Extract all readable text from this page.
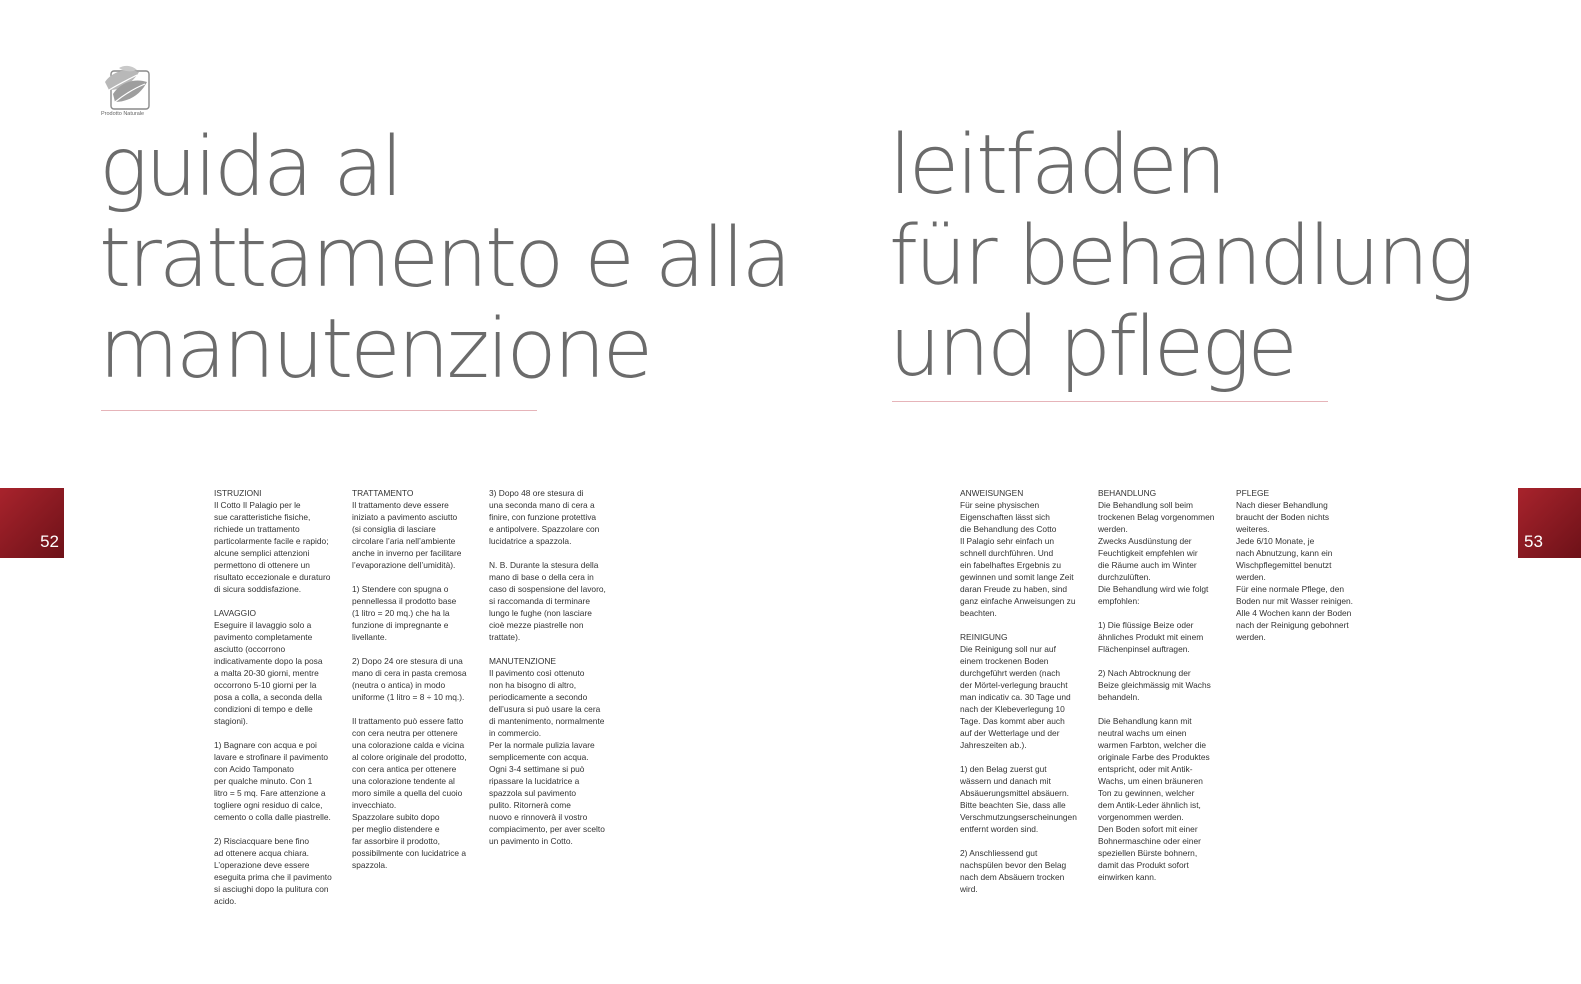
Prodotto Naturale
guida al
trattamento e alla
manutenzione
leitfaden
für behandlung
und pflege
52	53

ISTRUZIONI

Il Cotto Il Palagio per le
sue caratteristiche fisiche,
richiede un trattamento
particolarmente facile e rapido;
alcune semplici attenzioni
permettono di ottenere un
risultato eccezionale e duraturo
di sicura soddisfazione.

LAVAGGIO
Eseguire il lavaggio solo a
pavimento completamente
asciutto (occorrono
indicativamente dopo la posa
a malta 20-30 giorni, mentre
occorrono 5-10 giorni per la
posa a colla, a seconda della
condizioni di tempo e delle
stagioni).

1) Bagnare con acqua e poi
lavare e strofinare il pavimento
con Acido Tamponato
per qualche minuto. Con 1
litro = 5 mq. Fare attenzione a
togliere ogni residuo di calce,
cemento o colla dalle piastrelle.

2) Risciacquare bene fino
ad ottenere acqua chiara.
L’operazione deve essere
eseguita prima che il pavimento
si asciughi dopo la pulitura con
acido.

TRATTAMENTO

Il trattamento deve essere
iniziato a pavimento asciutto
(si consiglia di lasciare
circolare l’aria nell’ambiente
anche in inverno per facilitare
l’evaporazione dell’umidità).

1) Stendere con spugna o
pennellessa il prodotto base
(1 litro = 20 mq.) che ha la
funzione di impregnante e
livellante.

2) Dopo 24 ore stesura di una
mano di cera in pasta cremosa
(neutra o antica) in modo
uniforme (1 litro = 8 ÷ 10 mq.).

Il trattamento può essere fatto
con cera neutra per ottenere
una colorazione calda e vicina
al colore originale del prodotto,
con cera antica per ottenere
una colorazione tendente al
moro simile a quella del cuoio
invecchiato.
Spazzolare subito dopo
per meglio distendere e
far assorbire il prodotto,
possibilmente con lucidatrice a
spazzola.

3) Dopo 48 ore stesura di
una seconda mano di cera a
finire, con funzione protettiva
e antipolvere. Spazzolare con
lucidatrice a spazzola.

N. B. Durante la stesura della
mano di base o della cera in
caso di sospensione del lavoro,
si raccomanda di terminare
lungo le fughe (non lasciare
cioè mezze piastrelle non
trattate).

MANUTENZIONE
Il pavimento così ottenuto
non ha bisogno di altro,
periodicamente a secondo
dell’usura si può usare la cera
di mantenimento, normalmente
in commercio.
Per la normale pulizia lavare
semplicemente con acqua.
Ogni 3-4 settimane si può
ripassare la lucidatrice a
spazzola sul pavimento
pulito. Ritornerà come
nuovo e rinnoverà il vostro
compiacimento, per aver scelto
un pavimento in Cotto.

ANWEISUNGEN

Für seine physischen
Eigenschaften lässt sich
die Behandlung des Cotto
Il Palagio sehr einfach un
schnell durchführen. Und
ein fabelhaftes Ergebnis zu
gewinnen und somit lange Zeit
daran Freude zu haben, sind
ganz einfache Anweisungen zu
beachten.

REINIGUNG
Die Reinigung soll nur auf
einem trockenen Boden
durchgeführt werden (nach
der Mörtel-verlegung braucht
man indicativ ca. 30 Tage und
nach der Klebeverlegung 10
Tage. Das kommt aber auch
auf der Wetterlage und der
Jahreszeiten ab.).

1) den Belag zuerst gut
wässern und danach mit
Absäuerungsmittel absäuern.
Bitte beachten Sie, dass alle
Verschmutzungserscheinungen
entfernt worden sind.

2) Anschliessend gut
nachspülen bevor den Belag
nach dem Absäuern trocken
wird.

BEHANDLUNG

Die Behandlung soll beim
trockenen Belag vorgenommen
werden.
Zwecks Ausdünstung der
Feuchtigkeit empfehlen wir
die Räume auch im Winter
durchzulüften.
Die Behandlung wird wie folgt
empfohlen:

1) Die flüssige Beize oder
ähnliches Produkt mit einem
Flächenpinsel auftragen.

2) Nach Abtrocknung der
Beize gleichmässig mit Wachs
behandeln.

Die Behandlung kann mit
neutral wachs um einen
warmen Farbton, welcher die
originale Farbe des Produktes
entspricht, oder mit Antik-
Wachs, um einen bräuneren
Ton zu gewinnen, welcher
dem Antik-Leder ähnlich ist,
vorgenommen werden.
Den Boden sofort mit einer
Bohnermaschine oder einer
speziellen Bürste bohnern,
damit das Produkt sofort
einwirken kann.

PFLEGE

Nach dieser Behandlung
braucht der Boden nichts
weiteres.
Jede 6/10 Monate, je
nach Abnutzung, kann ein
Wischpflegemittel benutzt
werden.
Für eine normale Pflege, den
Boden nur mit Wasser reinigen.
Alle 4 Wochen kann der Boden
nach der Reinigung gebohnert
werden.
